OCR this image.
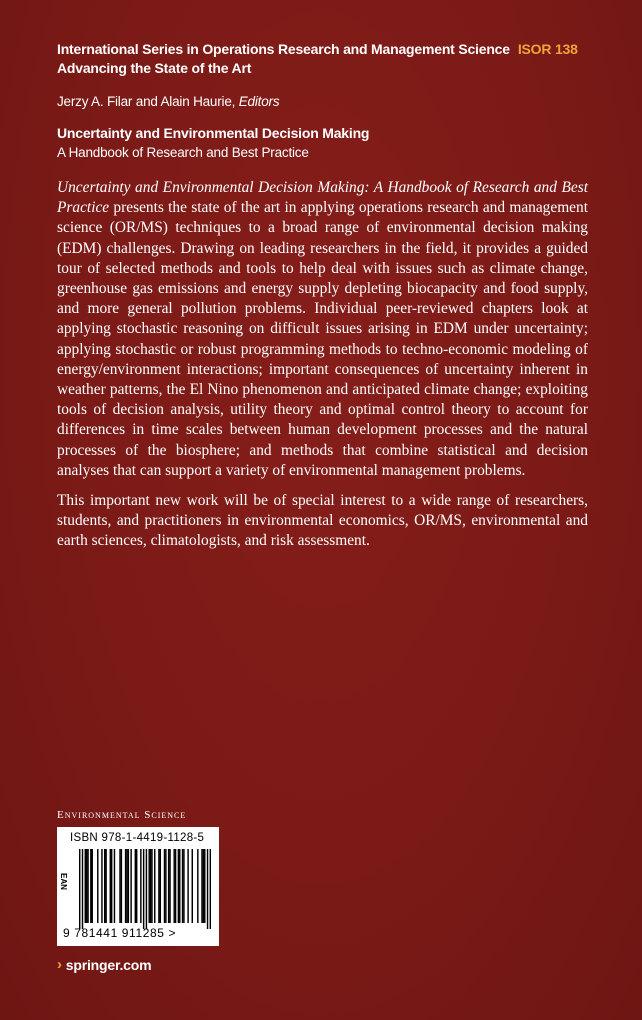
International Series in Operations Research and Management Science ISOR 138
Advancing the State of the Art
Jerzy A. Filar and Alain Haurie, Editors
Uncertainty and Environmental Decision Making
A Handbook of Research and Best Practice

Uncertainty and Environmental Decision Making: A Handbook of Research and Best Practice presents the state of the art in applying operations research and management science (OR/MS) techniques to a broad range of environmental decision making (EDM) challenges. Drawing on leading researchers in the field, it provides a guided tour of selected methods and tools to help deal with issues such as climate change, greenhouse gas emissions and energy supply depleting biocapacity and food supply, and more general pollution problems. Individual peer-reviewed chapters look at applying stochastic reasoning on difficult issues arising in EDM under uncertainty; applying stochastic or robust programming methods to techno-economic modeling of energy/environment interactions; important consequences of uncertainty inherent in weather patterns, the El Nino phenomenon and anticipated climate change; exploiting tools of decision analysis, utility theory and optimal control theory to account for differences in time scales between human development processes and the natural processes of the biosphere; and methods that combine statistical and decision analyses that can support a variety of environmental management problems.

This important new work will be of special interest to a wide range of researchers, students, and practitioners in environmental economics, OR/MS, environmental and earth sciences, climatologists, and risk assessment.

Environmental Science
ISBN 978-1-4419-1128-5
EAN
9 781441 911285 >
› springer.com
